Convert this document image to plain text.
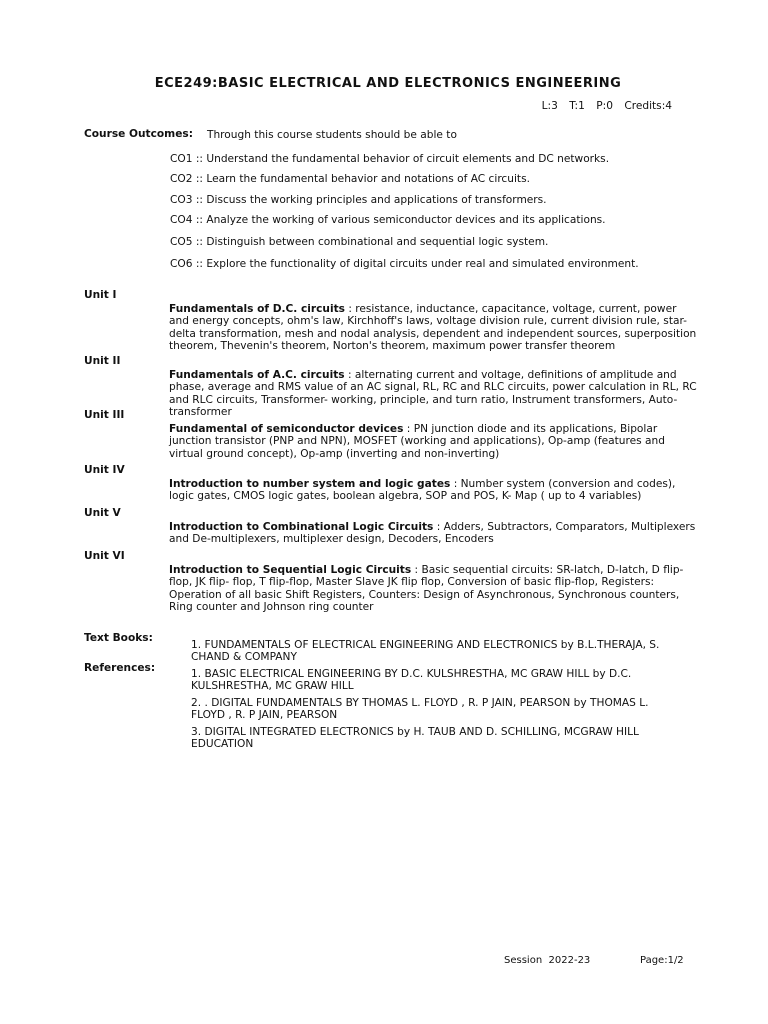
ECE249:BASIC ELECTRICAL AND ELECTRONICS ENGINEERING
L:3 T:1 P:0 Credits:4
Course Outcomes: Through this course students should be able to
CO1 :: Understand the fundamental behavior of circuit elements and DC networks.
CO2 :: Learn the fundamental behavior and notations of AC circuits.
CO3 :: Discuss the working principles and applications of transformers.
CO4 :: Analyze the working of various semiconductor devices and its applications.
CO5 :: Distinguish between combinational and sequential logic system.
CO6 :: Explore the functionality of digital circuits under real and simulated environment.
Unit I
Fundamentals of D.C. circuits : resistance, inductance, capacitance, voltage, current, power and energy concepts, ohm's law, Kirchhoff's laws, voltage division rule, current division rule, star-delta transformation, mesh and nodal analysis, dependent and independent sources, superposition theorem, Thevenin's theorem, Norton's theorem, maximum power transfer theorem
Unit II
Fundamentals of A.C. circuits : alternating current and voltage, definitions of amplitude and phase, average and RMS value of an AC signal, RL, RC and RLC circuits, power calculation in RL, RC and RLC circuits, Transformer- working, principle, and turn ratio, Instrument transformers, Auto-transformer
Unit III
Fundamental of semiconductor devices : PN junction diode and its applications, Bipolar junction transistor (PNP and NPN), MOSFET (working and applications), Op-amp (features and virtual ground concept), Op-amp (inverting and non-inverting)
Unit IV
Introduction to number system and logic gates : Number system (conversion and codes), logic gates, CMOS logic gates, boolean algebra, SOP and POS, K- Map ( up to 4 variables)
Unit V
Introduction to Combinational Logic Circuits : Adders, Subtractors, Comparators, Multiplexers and De-multiplexers, multiplexer design, Decoders, Encoders
Unit VI
Introduction to Sequential Logic Circuits : Basic sequential circuits: SR-latch, D-latch, D flip-flop, JK flip- flop, T flip-flop, Master Slave JK flip flop, Conversion of basic flip-flop, Registers: Operation of all basic Shift Registers, Counters: Design of Asynchronous, Synchronous counters, Ring counter and Johnson ring counter
Text Books:
1. FUNDAMENTALS OF ELECTRICAL ENGINEERING AND ELECTRONICS by B.L.THERAJA, S. CHAND & COMPANY
References:	1. BASIC ELECTRICAL ENGINEERING BY D.C. KULSHRESTHA, MC GRAW HILL by D.C. KULSHRESTHA, MC GRAW HILL
2. . DIGITAL FUNDAMENTALS BY THOMAS L. FLOYD , R. P JAIN, PEARSON by THOMAS L. FLOYD , R. P JAIN, PEARSON
3. DIGITAL INTEGRATED ELECTRONICS by H. TAUB AND D. SCHILLING, MCGRAW HILL EDUCATION
Session  2022-23	Page:1/2
